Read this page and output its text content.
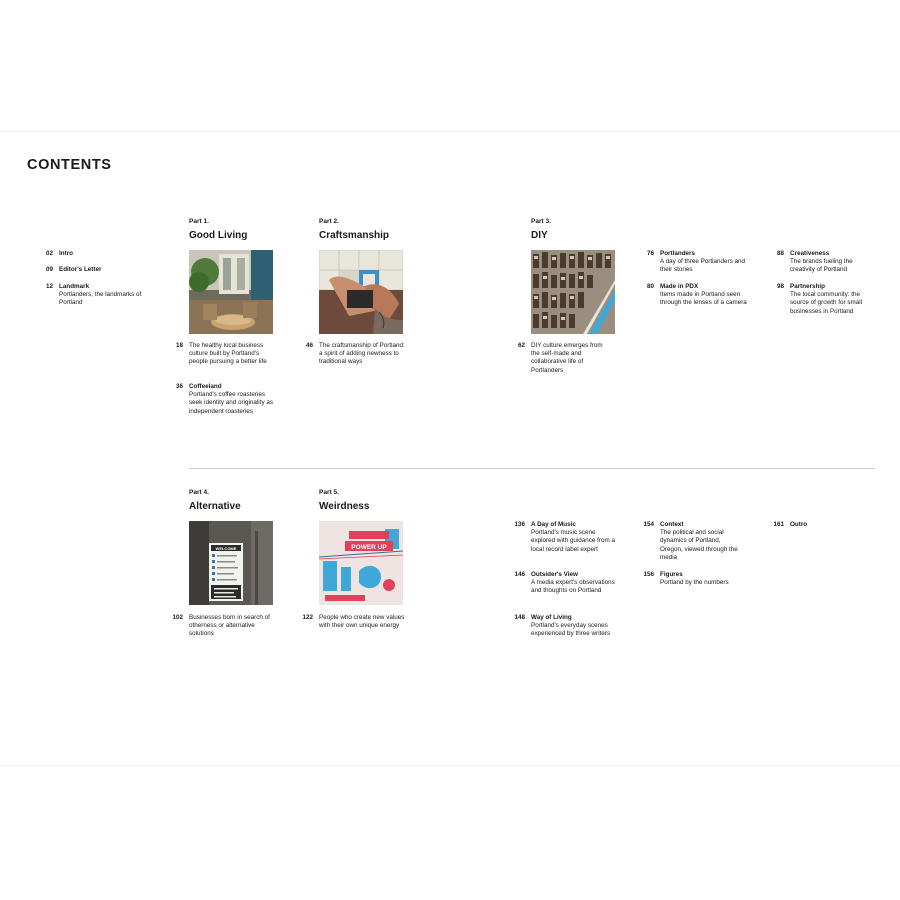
CONTENTS
02 Intro
09 Editor's Letter
12 Landmark
Portlanders, the landmarks of Portland
Part 1.
Good Living
18 The healthy local business culture built by Portland's people pursuing a better life
36 Coffeeland
Portland's coffee roasteries seek identity and originality as independent roasteries
Part 2.
Craftsmanship
46 The craftsmanship of Portland: a spirit of adding newness to traditional ways
Part 3.
DIY
62 DIY culture emerges from the self-made and collaborative life of Portlanders
76 Portlanders
A day of three Portlanders and their stories
80 Made in PDX
Items made in Portland seen through the lenses of a camera
88 Creativeness
The brands fueling the creativity of Portland
98 Partnership
The local community: the source of growth for small businesses in Portland
Part 4.
Alternative
WELCOME
102 Businesses born in search of otherness or alternative solutions
Part 5.
Weirdness
POWER UP
122 People who create new values with their own unique energy
136 A Day of Music
Portland's music scene explored with guidance from a local record label expert
146 Outsider's View
A media expert's observations and thoughts on Portland
148 Way of Living
Portland's everyday scenes experienced by three writers
154 Context
The political and social dynamics of Portland, Oregon, viewed through the media
156 Figures
Portland by the numbers
161 Outro
